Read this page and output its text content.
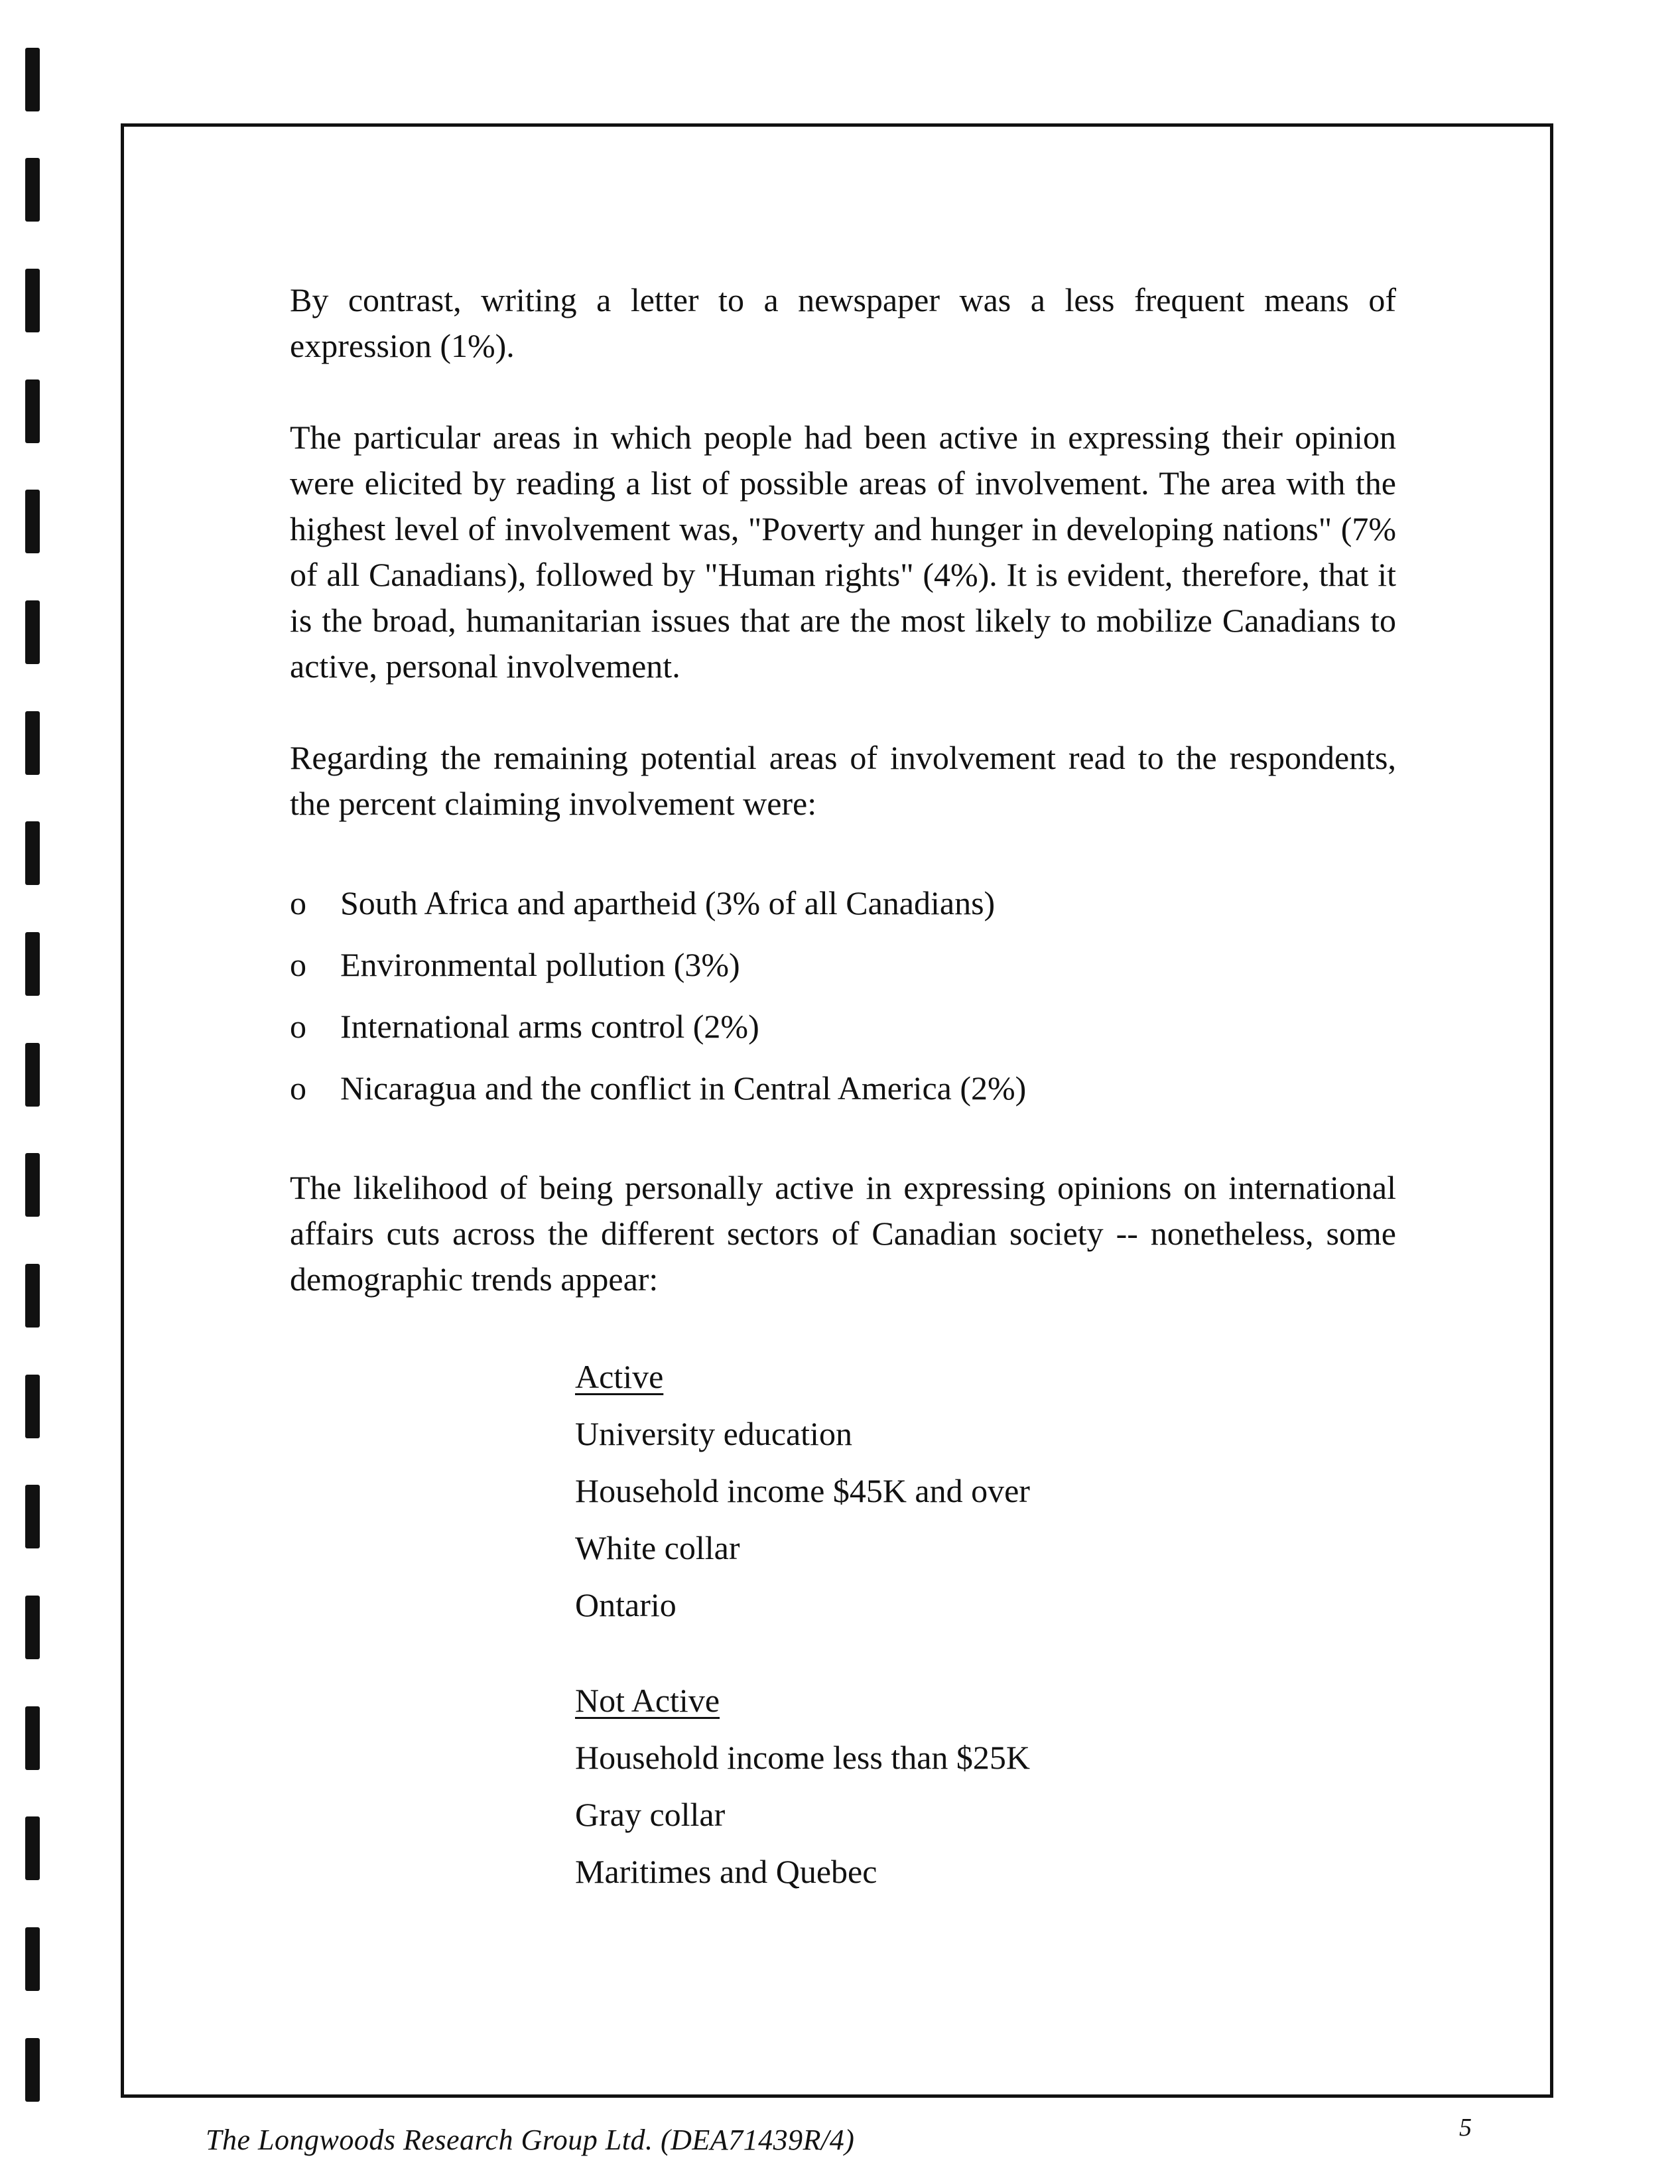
By contrast, writing a letter to a newspaper was a less frequent means of expression (1%).

The particular areas in which people had been active in expressing their opinion were elicited by reading a list of possible areas of involvement. The area with the highest level of involvement was, "Poverty and hunger in developing nations" (7% of all Canadians), followed by "Human rights" (4%). It is evident, therefore, that it is the broad, humanitarian issues that are the most likely to mobilize Canadians to active, personal involvement.

Regarding the remaining potential areas of involvement read to the respondents, the percent claiming involvement were:

o	South Africa and apartheid (3% of all Canadians)
o	Environmental pollution (3%)
o	International arms control (2%)
o	Nicaragua and the conflict in Central America (2%)

The likelihood of being personally active in expressing opinions on international affairs cuts across the different sectors of Canadian society -- nonetheless, some demographic trends appear:

Active
University education
Household income $45K and over
White collar
Ontario
Not Active
Household income less than $25K
Gray collar
Maritimes and Quebec
The Longwoods Research Group Ltd. (DEA71439R/4)	5
